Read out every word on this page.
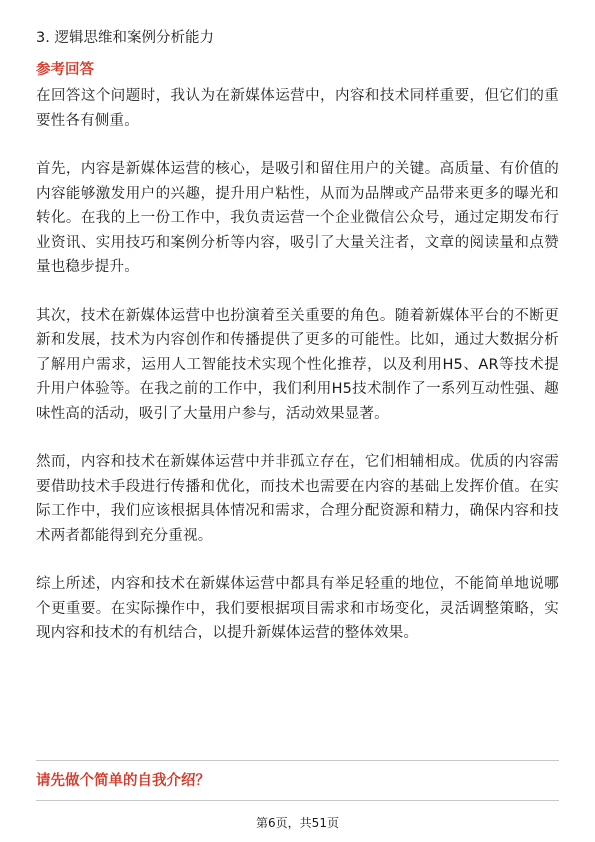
3. 逻辑思维和案例分析能力
参考回答

在回答这个问题时，我认为在新媒体运营中，内容和技术同样重要，但它们的重要性各有侧重。

首先，内容是新媒体运营的核心，是吸引和留住用户的关键。高质量、有价值的内容能够激发用户的兴趣，提升用户粘性，从而为品牌或产品带来更多的曝光和转化。在我的上一份工作中，我负责运营一个企业微信公众号，通过定期发布行业资讯、实用技巧和案例分析等内容，吸引了大量关注者，文章的阅读量和点赞量也稳步提升。

其次，技术在新媒体运营中也扮演着至关重要的角色。随着新媒体平台的不断更新和发展，技术为内容创作和传播提供了更多的可能性。比如，通过大数据分析了解用户需求，运用人工智能技术实现个性化推荐，以及利用H5、AR等技术提升用户体验等。在我之前的工作中，我们利用H5技术制作了一系列互动性强、趣味性高的活动，吸引了大量用户参与，活动效果显著。

然而，内容和技术在新媒体运营中并非孤立存在，它们相辅相成。优质的内容需要借助技术手段进行传播和优化，而技术也需要在内容的基础上发挥价值。在实际工作中，我们应该根据具体情况和需求，合理分配资源和精力，确保内容和技术两者都能得到充分重视。

综上所述，内容和技术在新媒体运营中都具有举足轻重的地位，不能简单地说哪个更重要。在实际操作中，我们要根据项目需求和市场变化，灵活调整策略，实现内容和技术的有机结合，以提升新媒体运营的整体效果。

请先做个简单的自我介绍？
第6页，共51页
